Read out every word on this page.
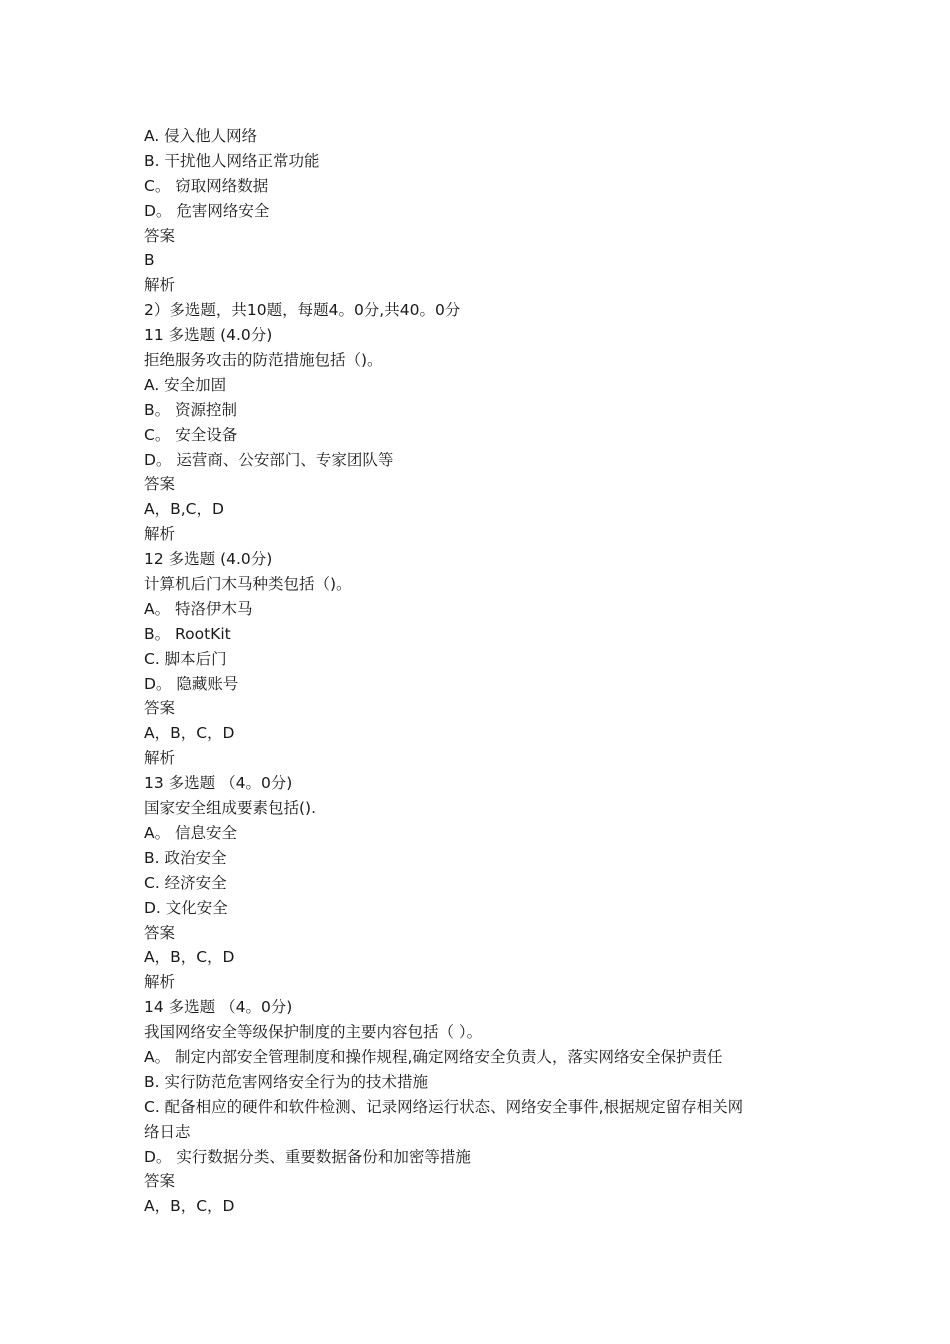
A. 侵入他人网络
B. 干扰他人网络正常功能
C。 窃取网络数据
D。 危害网络安全
答案
B
解析
2）多选题，共10题，每题4。0分,共40。0分
11 多选题 (4.0分)
拒绝服务攻击的防范措施包括（)。
A. 安全加固
B。 资源控制
C。 安全设备
D。 运营商、公安部门、专家团队等
答案
A，B,C，D
解析
12 多选题 (4.0分)
计算机后门木马种类包括（)。
A。 特洛伊木马
B。 RootKit
C. 脚本后门
D。 隐藏账号
答案
A，B，C，D
解析
13 多选题 （4。0分)
国家安全组成要素包括().
A。 信息安全
B. 政治安全
C. 经济安全
D. 文化安全
答案
A，B，C，D
解析
14 多选题 （4。0分)
我国网络安全等级保护制度的主要内容包括（ ）。
A。 制定内部安全管理制度和操作规程,确定网络安全负责人，落实网络安全保护责任
B. 实行防范危害网络安全行为的技术措施
C. 配备相应的硬件和软件检测、记录网络运行状态、网络安全事件,根据规定留存相关网
络日志
D。 实行数据分类、重要数据备份和加密等措施
答案
A，B，C，D
